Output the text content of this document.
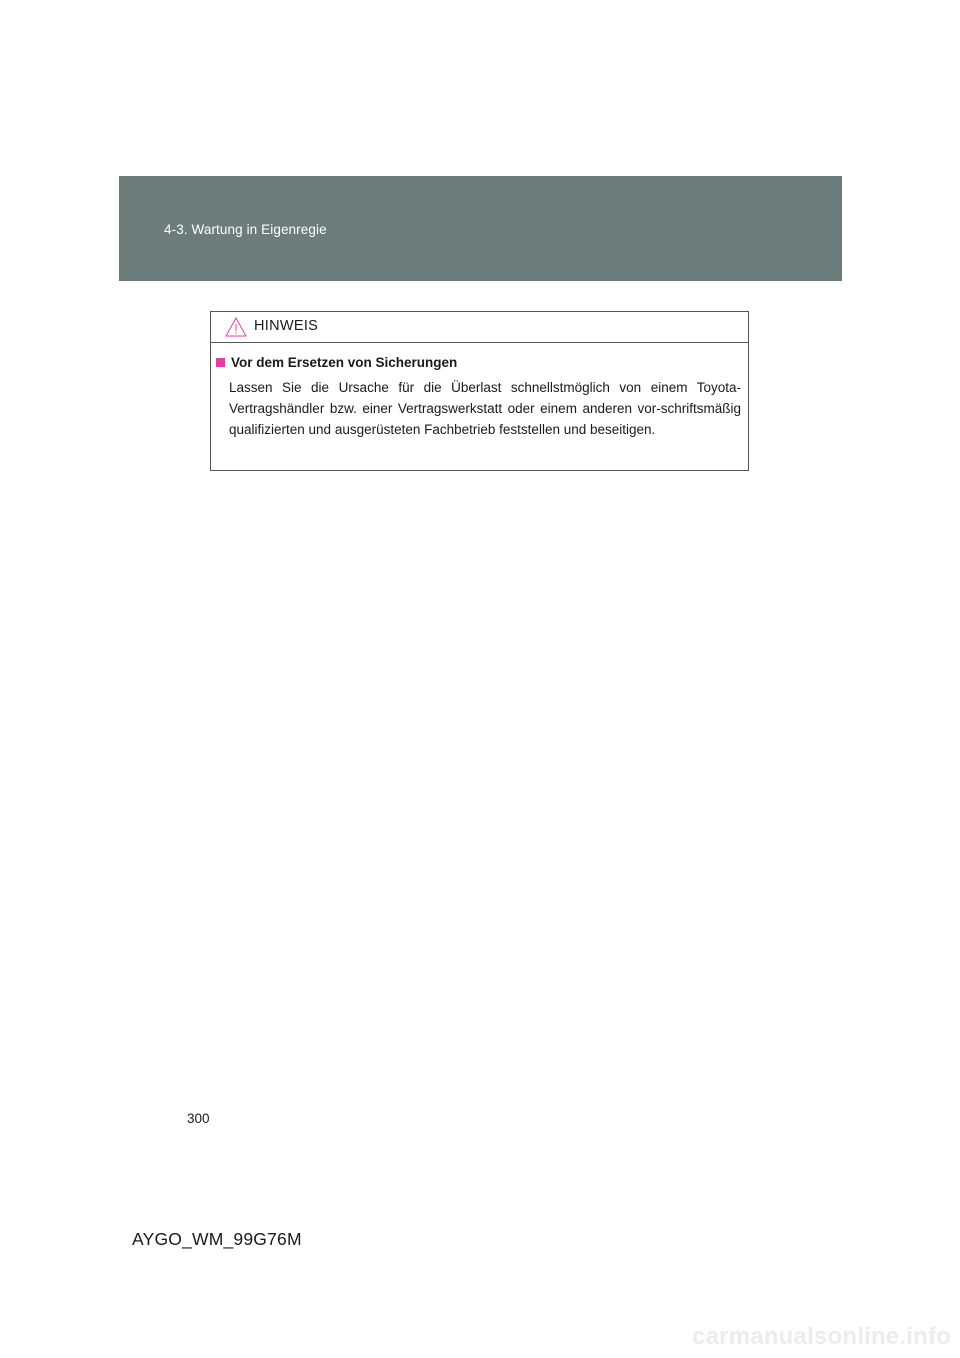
4-3. Wartung in Eigenregie
HINWEIS
Vor dem Ersetzen von Sicherungen
Lassen Sie die Ursache für die Überlast schnellstmöglich von einem Toyota-Vertragshändler bzw. einer Vertragswerkstatt oder einem anderen vor-schriftsmäßig qualifizierten und ausgerüsteten Fachbetrieb feststellen und beseitigen.
300
AYGO_WM_99G76M
carmanualsonline.info
